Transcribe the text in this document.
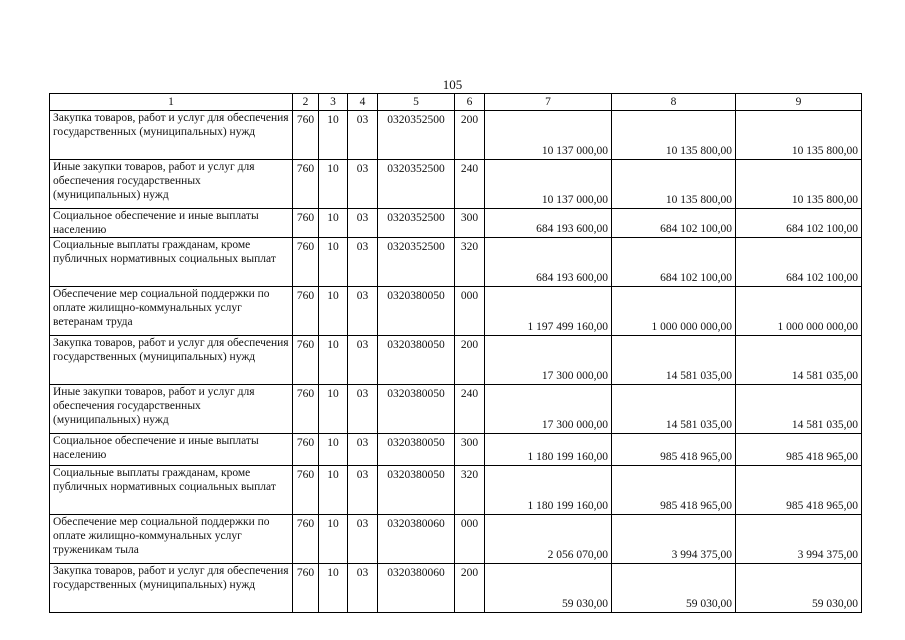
105
1	2	3	4	5	6	7	8	9
Закупка товаров, работ и услуг для обеспечения государственных (муниципальных) нужд	760	10	03	0320352500	200	10 137 000,00	10 135 800,00	10 135 800,00
Иные закупки товаров, работ и услуг для обеспечения государственных (муниципальных) нужд	760	10	03	0320352500	240	10 137 000,00	10 135 800,00	10 135 800,00
Социальное обеспечение и иные выплаты населению	760	10	03	0320352500	300	684 193 600,00	684 102 100,00	684 102 100,00
Социальные выплаты гражданам, кроме публичных нормативных социальных выплат	760	10	03	0320352500	320	684 193 600,00	684 102 100,00	684 102 100,00
Обеспечение мер социальной поддержки по оплате жилищно-коммунальных услуг ветеранам труда	760	10	03	0320380050	000	1 197 499 160,00	1 000 000 000,00	1 000 000 000,00
Закупка товаров, работ и услуг для обеспечения государственных (муниципальных) нужд	760	10	03	0320380050	200	17 300 000,00	14 581 035,00	14 581 035,00
Иные закупки товаров, работ и услуг для обеспечения государственных (муниципальных) нужд	760	10	03	0320380050	240	17 300 000,00	14 581 035,00	14 581 035,00
Социальное обеспечение и иные выплаты населению	760	10	03	0320380050	300	1 180 199 160,00	985 418 965,00	985 418 965,00
Социальные выплаты гражданам, кроме публичных нормативных социальных выплат	760	10	03	0320380050	320	1 180 199 160,00	985 418 965,00	985 418 965,00
Обеспечение мер социальной поддержки по оплате жилищно-коммунальных услуг труженикам тыла	760	10	03	0320380060	000	2 056 070,00	3 994 375,00	3 994 375,00
Закупка товаров, работ и услуг для обеспечения государственных (муниципальных) нужд	760	10	03	0320380060	200	59 030,00	59 030,00	59 030,00
